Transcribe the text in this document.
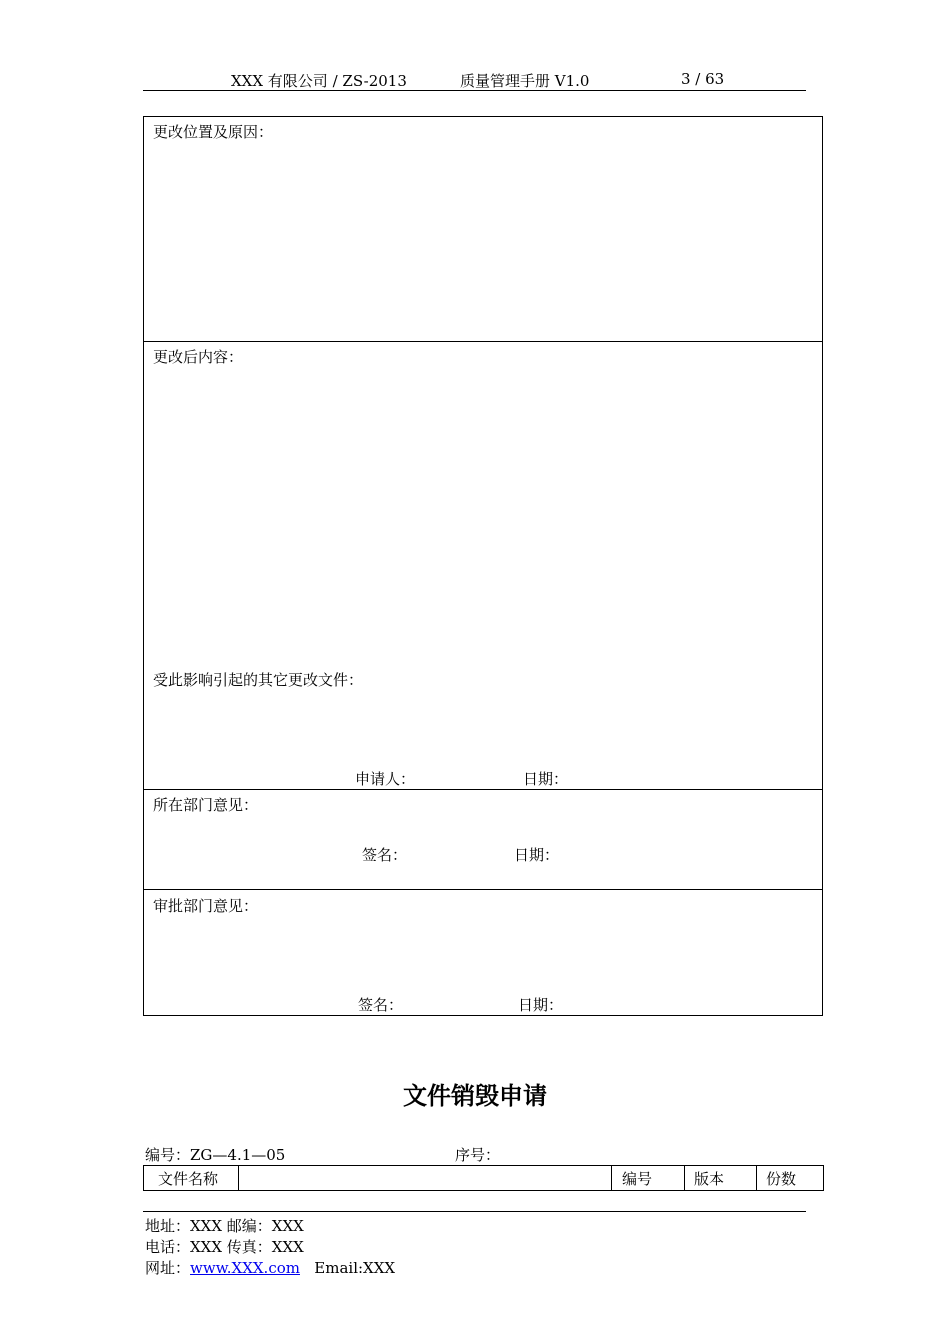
XXX 有限公司 / ZS-2013	质量管理手册 V1.0	3 / 63
更改位置及原因：
更改后内容：
受此影响引起的其它更改文件：
申请人：	日期：
所在部门意见：
签名：	日期：
审批部门意见：
签名：	日期：
文件销毁申请
编号：ZG—4.1—05	序号：
文件名称		编号	版本	份数
地址：XXX 邮编：XXX
电话：XXX 传真：XXX
网址：www.XXX.com Email:XXX
